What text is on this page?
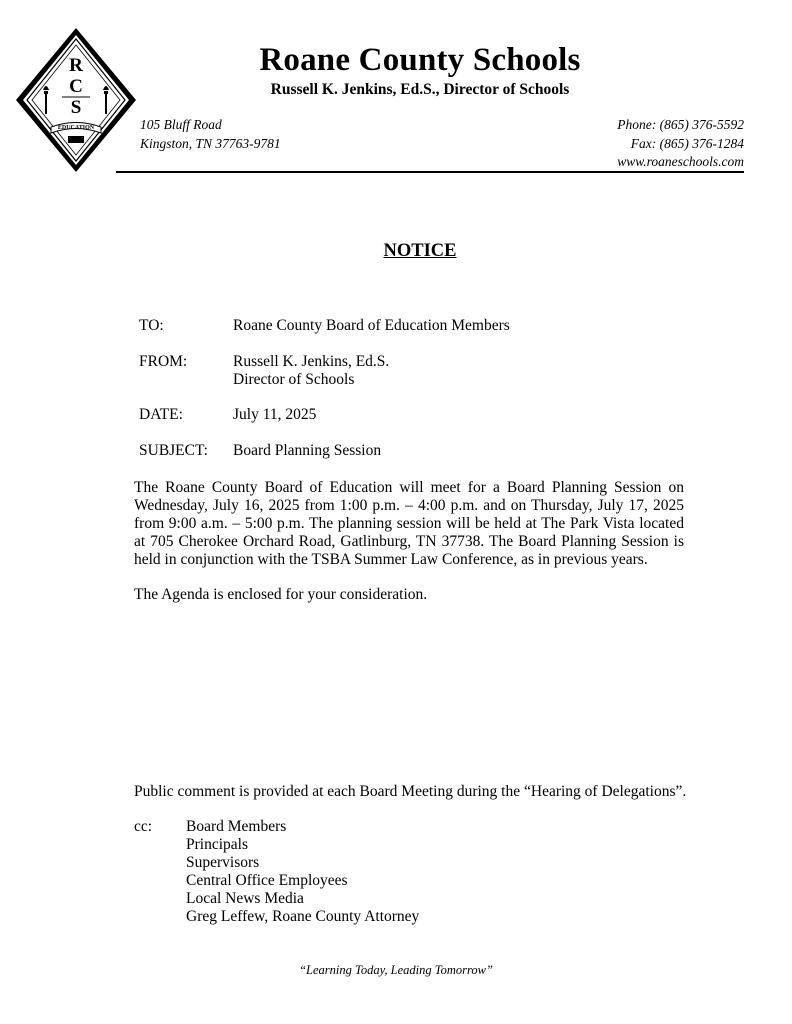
R
C
S
EDUCATION
Roane County Schools
Russell K. Jenkins, Ed.S., Director of Schools
105 Bluff Road
Kingston, TN 37763-9781
Phone: (865) 376-5592
Fax: (865) 376-1284
www.roaneschools.com
NOTICE
TO:	Roane County Board of Education Members
FROM:	Russell K. Jenkins, Ed.S.
Director of Schools
DATE:	July 11, 2025
SUBJECT: Board Planning Session
The Roane County Board of Education will meet for a Board Planning Session on Wednesday, July 16, 2025 from 1:00 p.m. – 4:00 p.m. and on Thursday, July 17, 2025 from 9:00 a.m. – 5:00 p.m. The planning session will be held at The Park Vista located at 705 Cherokee Orchard Road, Gatlinburg, TN 37738. The Board Planning Session is held in conjunction with the TSBA Summer Law Conference, as in previous years.
The Agenda is enclosed for your consideration.
Public comment is provided at each Board Meeting during the “Hearing of Delegations”.
cc: Board Members
Principals
Supervisors
Central Office Employees
Local News Media
Greg Leffew, Roane County Attorney
“Learning Today, Leading Tomorrow”
